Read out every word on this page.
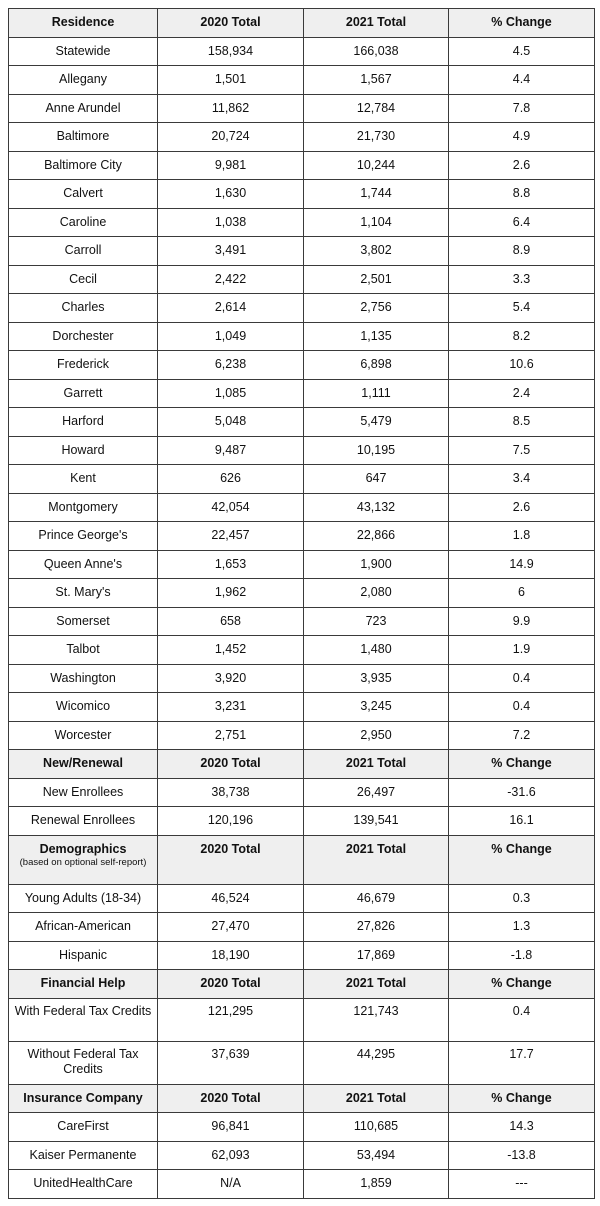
Residence	2020 Total	2021 Total	% Change
Statewide	158,934	166,038	4.5
Allegany	1,501	1,567	4.4
Anne Arundel	11,862	12,784	7.8
Baltimore	20,724	21,730	4.9
Baltimore City	9,981	10,244	2.6
Calvert	1,630	1,744	8.8
Caroline	1,038	1,104	6.4
Carroll	3,491	3,802	8.9
Cecil	2,422	2,501	3.3
Charles	2,614	2,756	5.4
Dorchester	1,049	1,135	8.2
Frederick	6,238	6,898	10.6
Garrett	1,085	1,111	2.4
Harford	5,048	5,479	8.5
Howard	9,487	10,195	7.5
Kent	626	647	3.4
Montgomery	42,054	43,132	2.6
Prince George's	22,457	22,866	1.8
Queen Anne's	1,653	1,900	14.9
St. Mary's	1,962	2,080	6
Somerset	658	723	9.9
Talbot	1,452	1,480	1.9
Washington	3,920	3,935	0.4
Wicomico	3,231	3,245	0.4
Worcester	2,751	2,950	7.2
New/Renewal	2020 Total	2021 Total	% Change
New Enrollees	38,738	26,497	-31.6
Renewal Enrollees	120,196	139,541	16.1
Demographics
(based on optional self-report)	2020 Total	2021 Total	% Change
Young Adults (18-34)	46,524	46,679	0.3
African-American	27,470	27,826	1.3
Hispanic	18,190	17,869	-1.8
Financial Help	2020 Total	2021 Total	% Change
With Federal Tax Credits	121,295	121,743	0.4
Without Federal Tax Credits	37,639	44,295	17.7
Insurance Company	2020 Total	2021 Total	% Change
CareFirst	96,841	110,685	14.3
Kaiser Permanente	62,093	53,494	-13.8
UnitedHealthCare	N/A	1,859	---
